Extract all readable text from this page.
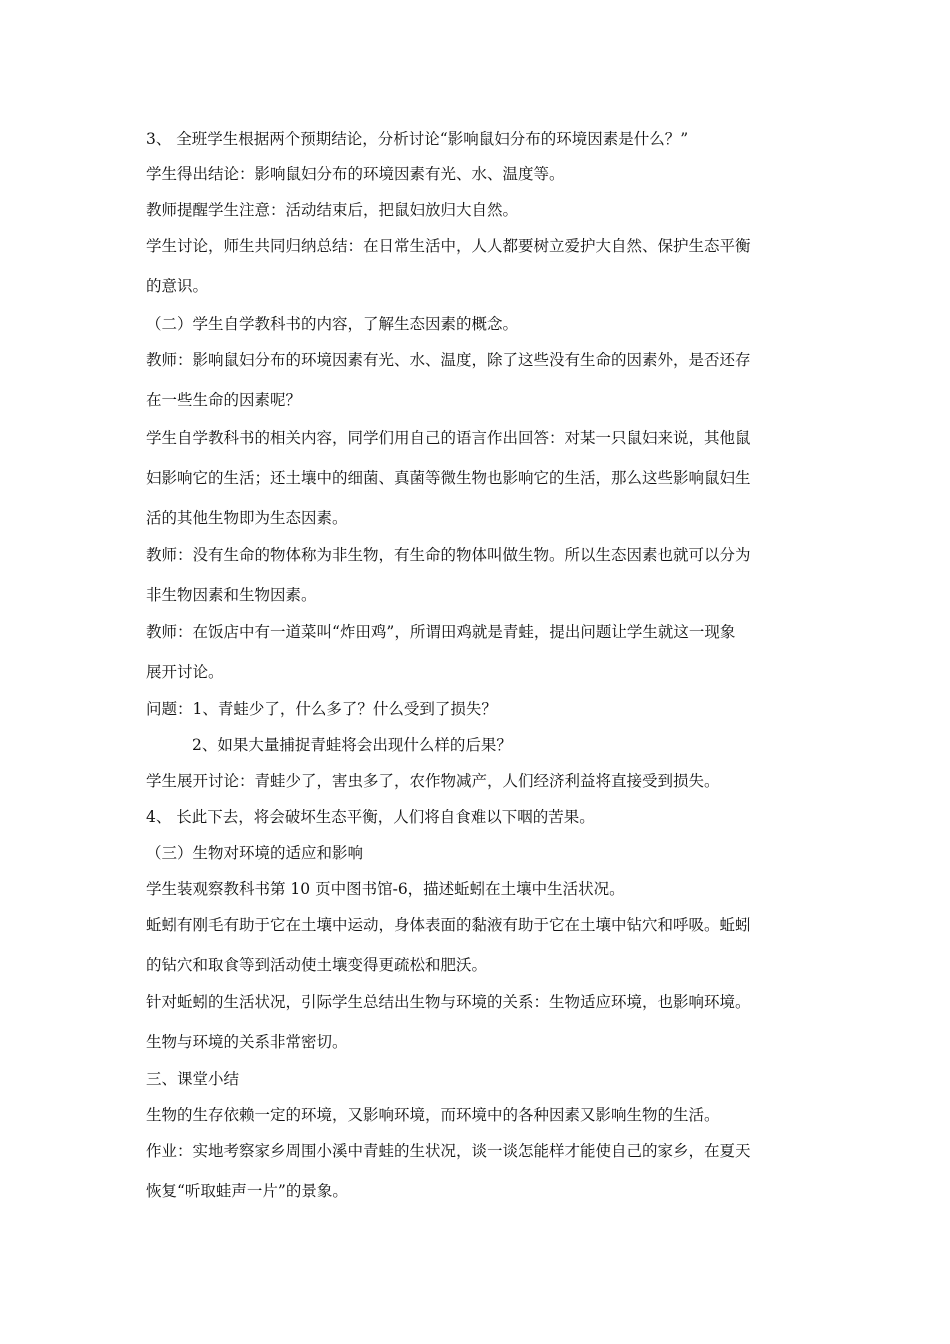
3、 全班学生根据两个预期结论，分析讨论“影响鼠妇分布的环境因素是什么？”

学生得出结论：影响鼠妇分布的环境因素有光、水、温度等。

教师提醒学生注意：活动结束后，把鼠妇放归大自然。

学生讨论，师生共同归纳总结：在日常生活中，人人都要树立爱护大自然、保护生态平衡

的意识。

（二）学生自学教科书的内容，了解生态因素的概念。

教师：影响鼠妇分布的环境因素有光、水、温度，除了这些没有生命的因素外，是否还存

在一些生命的因素呢？

学生自学教科书的相关内容，同学们用自己的语言作出回答：对某一只鼠妇来说，其他鼠

妇影响它的生活；还土壤中的细菌、真菌等微生物也影响它的生活，那么这些影响鼠妇生

活的其他生物即为生态因素。

教师：没有生命的物体称为非生物，有生命的物体叫做生物。所以生态因素也就可以分为

非生物因素和生物因素。

教师：在饭店中有一道菜叫“炸田鸡”，所谓田鸡就是青蛙，提出问题让学生就这一现象

展开讨论。

问题：1、青蛙少了，什么多了？什么受到了损失？

2、如果大量捕捉青蛙将会出现什么样的后果？

学生展开讨论：青蛙少了，害虫多了，农作物减产，人们经济利益将直接受到损失。

4、 长此下去，将会破坏生态平衡，人们将自食难以下咽的苦果。

（三）生物对环境的适应和影响

学生装观察教科书第 10 页中图书馆-6，描述蚯蚓在土壤中生活状况。

蚯蚓有刚毛有助于它在土壤中运动，身体表面的黏液有助于它在土壤中钻穴和呼吸。蚯蚓

的钻穴和取食等到活动使土壤变得更疏松和肥沃。

针对蚯蚓的生活状况，引际学生总结出生物与环境的关系：生物适应环境，也影响环境。

生物与环境的关系非常密切。

三、课堂小结

生物的生存依赖一定的环境，又影响环境，而环境中的各种因素又影响生物的生活。

作业：实地考察家乡周围小溪中青蛙的生状况，谈一谈怎能样才能使自己的家乡，在夏天

恢复“听取蛙声一片”的景象。
